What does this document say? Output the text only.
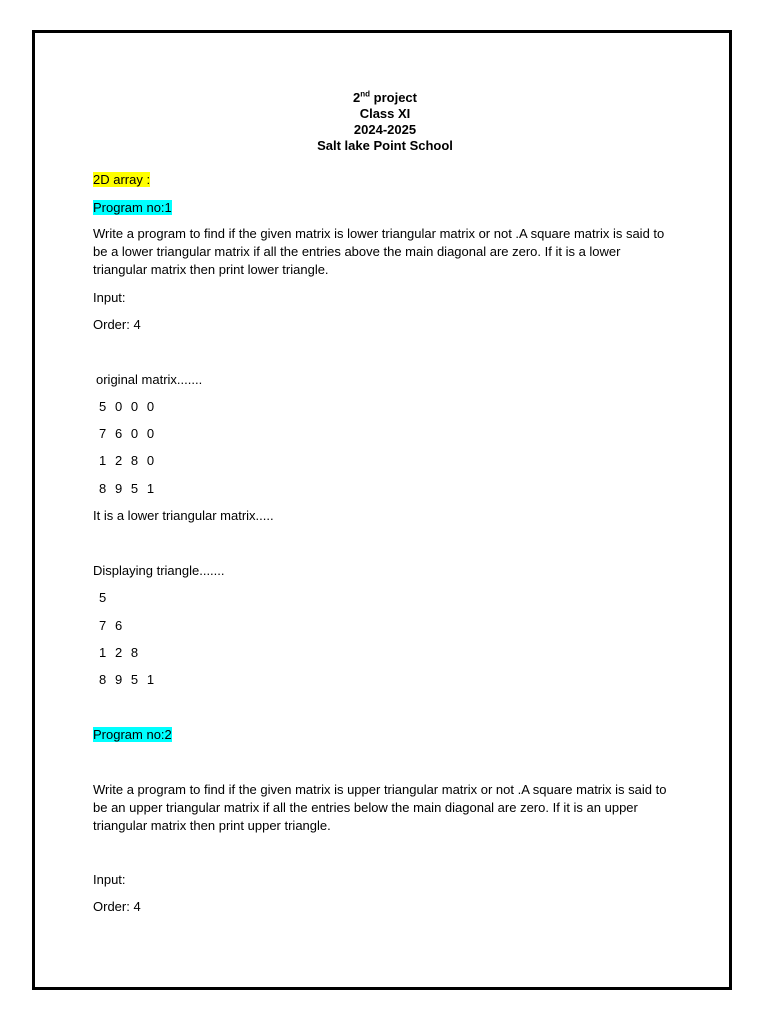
2nd project
Class XI
2024-2025
Salt lake Point School
2D array :
Program no:1
Write a program to find if the given matrix is lower triangular matrix or not .A square matrix is said to
be a lower triangular matrix if all the entries above the main diagonal are zero. If it is a lower
triangular matrix then print lower triangle.
Input:
Order: 4
original matrix.......
5  0  0  0
7  6  0  0
1  2  8  0
8  9  5  1
It is a lower triangular matrix.....
Displaying triangle.......
5
7  6
1  2  8
8  9  5  1
Program no:2
Write a program to find if the given matrix is upper triangular matrix or not .A square matrix is said to
be an upper triangular matrix if all the entries below the main diagonal are zero. If it is an upper
triangular matrix then print upper triangle.
Input:
Order: 4
